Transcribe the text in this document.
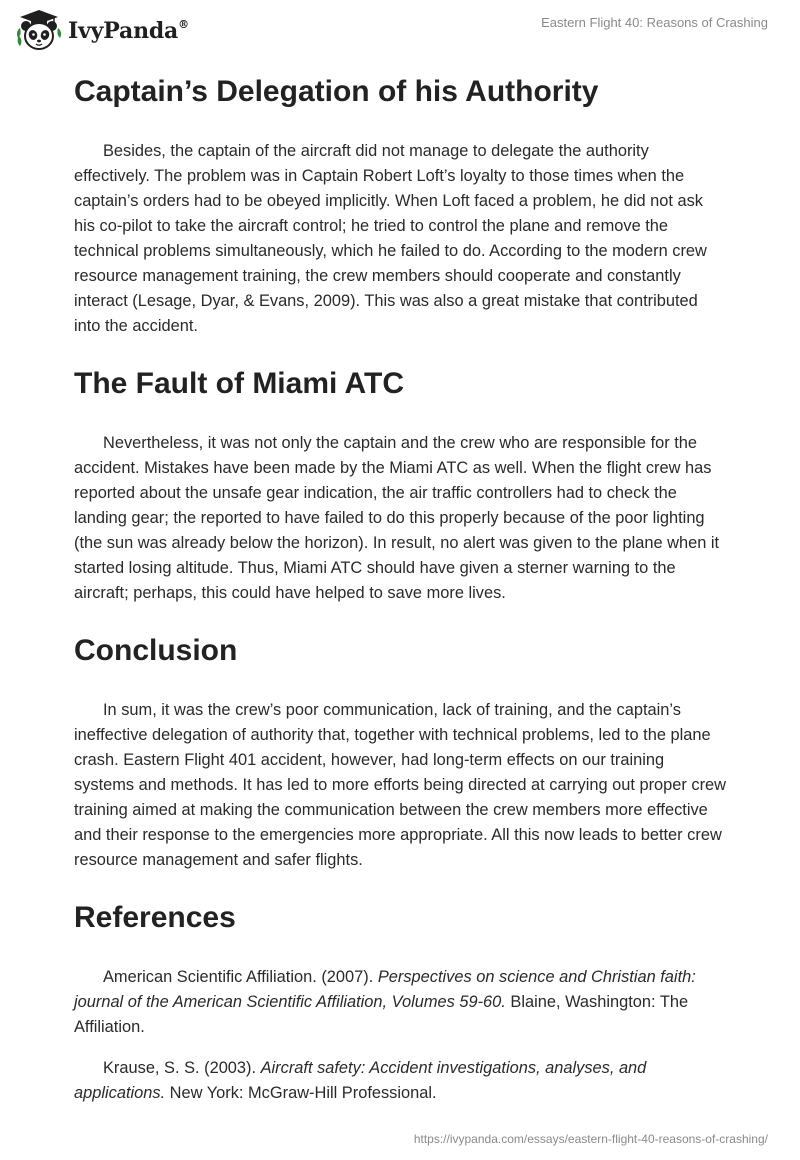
IvyPanda®	Eastern Flight 40: Reasons of Crashing
Captain’s Delegation of his Authority

Besides, the captain of the aircraft did not manage to delegate the authority effectively. The problem was in Captain Robert Loft’s loyalty to those times when the captain’s orders had to be obeyed implicitly. When Loft faced a problem, he did not ask his co-pilot to take the aircraft control; he tried to control the plane and remove the technical problems simultaneously, which he failed to do. According to the modern crew resource management training, the crew members should cooperate and constantly interact (Lesage, Dyar, & Evans, 2009). This was also a great mistake that contributed into the accident.

The Fault of Miami ATC

Nevertheless, it was not only the captain and the crew who are responsible for the accident. Mistakes have been made by the Miami ATC as well. When the flight crew has reported about the unsafe gear indication, the air traffic controllers had to check the landing gear; the reported to have failed to do this properly because of the poor lighting (the sun was already below the horizon). In result, no alert was given to the plane when it started losing altitude. Thus, Miami ATC should have given a sterner warning to the aircraft; perhaps, this could have helped to save more lives.

Conclusion

In sum, it was the crew’s poor communication, lack of training, and the captain’s ineffective delegation of authority that, together with technical problems, led to the plane crash. Eastern Flight 401 accident, however, had long-term effects on our training systems and methods. It has led to more efforts being directed at carrying out proper crew training aimed at making the communication between the crew members more effective and their response to the emergencies more appropriate. All this now leads to better crew resource management and safer flights.

References

American Scientific Affiliation. (2007). Perspectives on science and Christian faith: journal of the American Scientific Affiliation, Volumes 59-60. Blaine, Washington: The Affiliation.

Krause, S. S. (2003). Aircraft safety: Accident investigations, analyses, and applications. New York: McGraw-Hill Professional.

https://ivypanda.com/essays/eastern-flight-40-reasons-of-crashing/
